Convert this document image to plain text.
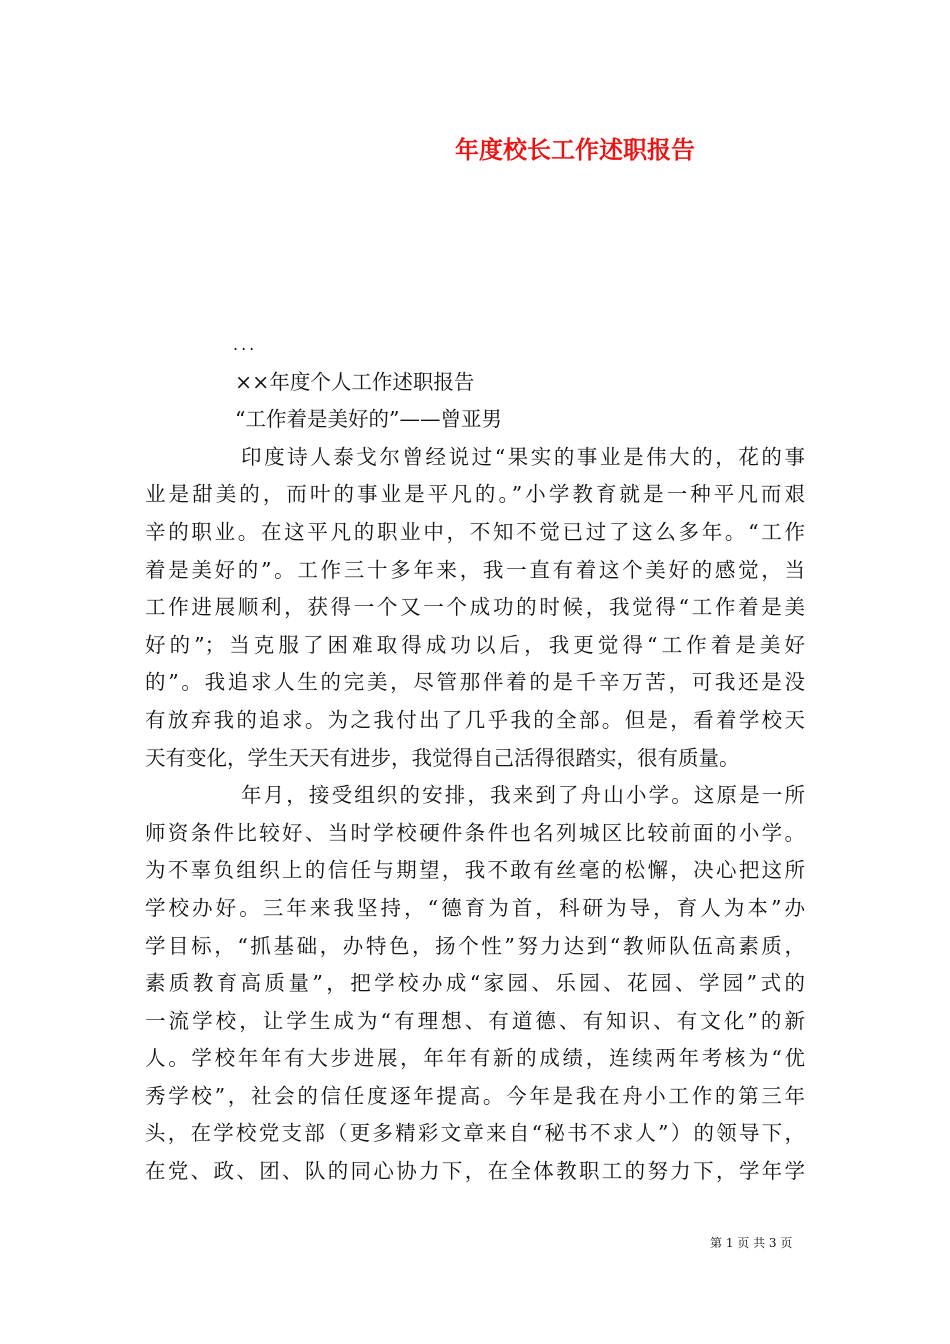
年度校长工作述职报告
...
××年度个人工作述职报告
“工作着是美好的”——曾亚男
印度诗人泰戈尔曾经说过“果实的事业是伟大的，花的事
业是甜美的，而叶的事业是平凡的。”小学教育就是一种平凡而艰
辛的职业。在这平凡的职业中，不知不觉已过了这么多年。“工作
着是美好的”。工作三十多年来，我一直有着这个美好的感觉，当
工作进展顺利，获得一个又一个成功的时候，我觉得“工作着是美
好的”；当克服了困难取得成功以后，我更觉得“工作着是美好
的”。我追求人生的完美，尽管那伴着的是千辛万苦，可我还是没
有放弃我的追求。为之我付出了几乎我的全部。但是，看着学校天
天有变化，学生天天有进步，我觉得自己活得很踏实，很有质量。
年月，接受组织的安排，我来到了舟山小学。这原是一所
师资条件比较好、当时学校硬件条件也名列城区比较前面的小学。
为不辜负组织上的信任与期望，我不敢有丝毫的松懈，决心把这所
学校办好。三年来我坚持，“德育为首，科研为导，育人为本”办
学目标，“抓基础，办特色，扬个性”努力达到“教师队伍高素质，
素质教育高质量”，把学校办成“家园、乐园、花园、学园”式的
一流学校，让学生成为“有理想、有道德、有知识、有文化”的新
人。学校年年有大步进展，年年有新的成绩，连续两年考核为“优
秀学校”，社会的信任度逐年提高。今年是我在舟小工作的第三年
头，在学校党支部（更多精彩文章来自“秘书不求人”）的领导下，
在党、政、团、队的同心协力下，在全体教职工的努力下，学年学
第 1 页 共 3 页
